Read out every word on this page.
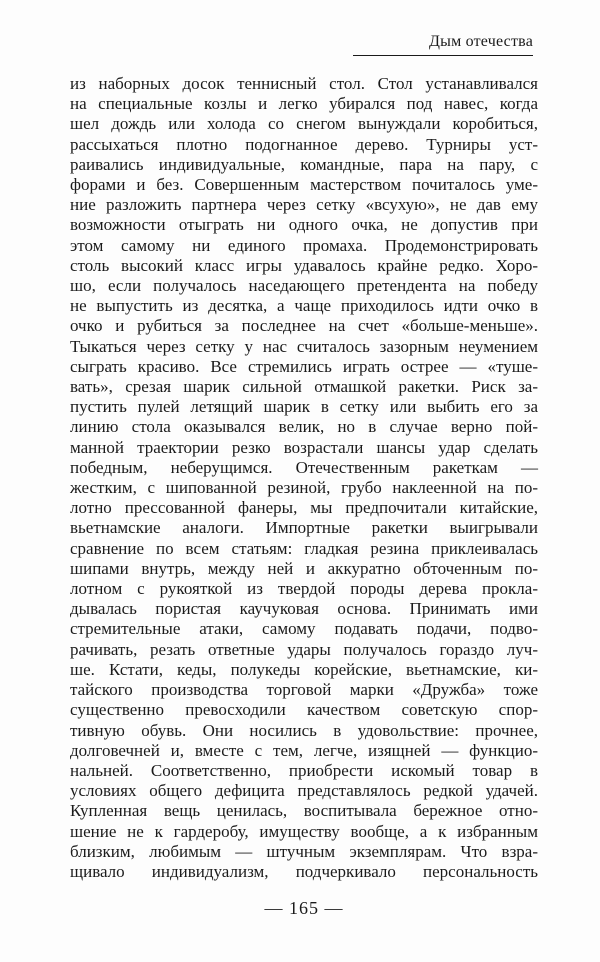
Дым отечества
из наборных досок теннисный стол. Стол устанавливался
на специальные козлы и легко убирался под навес, когда
шел дождь или холода со снегом вынуждали коробиться,
рассыхаться плотно подогнанное дерево. Турниры уст-
раивались индивидуальные, командные, пара на пару, с
форами и без. Совершенным мастерством почиталось уме-
ние разложить партнера через сетку «всухую», не дав ему
возможности отыграть ни одного очка, не допустив при
этом самому ни единого промаха. Продемонстрировать
столь высокий класс игры удавалось крайне редко. Хоро-
шо, если получалось наседающего претендента на победу
не выпустить из десятка, а чаще приходилось идти очко в
очко и рубиться за последнее на счет «больше-меньше».
Тыкаться через сетку у нас считалось зазорным неумением
сыграть красиво. Все стремились играть острее — «туше-
вать», срезая шарик сильной отмашкой ракетки. Риск за-
пустить пулей летящий шарик в сетку или выбить его за
линию стола оказывался велик, но в случае верно пой-
манной траектории резко возрастали шансы удар сделать
победным, неберущимся. Отечественным ракеткам —
жестким, с шипованной резиной, грубо наклеенной на по-
лотно прессованной фанеры, мы предпочитали китайские,
вьетнамские аналоги. Импортные ракетки выигрывали
сравнение по всем статьям: гладкая резина приклеивалась
шипами внутрь, между ней и аккуратно обточенным по-
лотном с рукояткой из твердой породы дерева прокла-
дывалась пористая каучуковая основа. Принимать ими
стремительные атаки, самому подавать подачи, подво-
рачивать, резать ответные удары получалось гораздо луч-
ше. Кстати, кеды, полукеды корейские, вьетнамские, ки-
тайского производства торговой марки «Дружба» тоже
существенно превосходили качеством советскую спор-
тивную обувь. Они носились в удовольствие: прочнее,
долговечней и, вместе с тем, легче, изящней — функцио-
нальней. Соответственно, приобрести искомый товар в
условиях общего дефицита представлялось редкой удачей.
Купленная вещь ценилась, воспитывала бережное отно-
шение не к гардеробу, имуществу вообще, а к избранным
близким, любимым — штучным экземплярам. Что взра-
щивало индивидуализм, подчеркивало персональность
— 165 —
